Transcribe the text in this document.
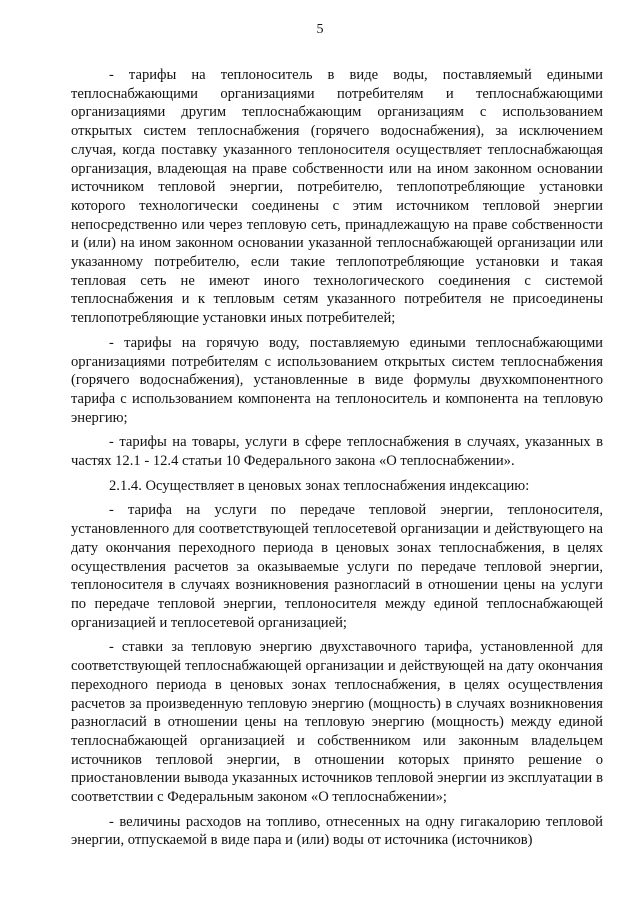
5

- тарифы на теплоноситель в виде воды, поставляемый едиными теплоснабжающими организациями потребителям и теплоснабжающими организациями другим теплоснабжающим организациям с использованием открытых систем теплоснабжения (горячего водоснабжения), за исключением случая, когда поставку указанного теплоносителя осуществляет теплоснабжающая организация, владеющая на праве собственности или на ином законном основании источником тепловой энергии, потребителю, теплопотребляющие установки которого технологически соединены с этим источником тепловой энергии непосредственно или через тепловую сеть, принадлежащую на праве собственности и (или) на ином законном основании указанной теплоснабжающей организации или указанному потребителю, если такие теплопотребляющие установки и такая тепловая сеть не имеют иного технологического соединения с системой теплоснабжения и к тепловым сетям указанного потребителя не присоединены теплопотребляющие установки иных потребителей;

- тарифы на горячую воду, поставляемую едиными теплоснабжающими организациями потребителям с использованием открытых систем теплоснабжения (горячего водоснабжения), установленные в виде формулы двухкомпонентного тарифа с использованием компонента на теплоноситель и компонента на тепловую энергию;

- тарифы на товары, услуги в сфере теплоснабжения в случаях, указанных в частях 12.1 - 12.4 статьи 10 Федерального закона «О теплоснабжении».

2.1.4. Осуществляет в ценовых зонах теплоснабжения индексацию:

- тарифа на услуги по передаче тепловой энергии, теплоносителя, установленного для соответствующей теплосетевой организации и действующего на дату окончания переходного периода в ценовых зонах теплоснабжения, в целях осуществления расчетов за оказываемые услуги по передаче тепловой энергии, теплоносителя в случаях возникновения разногласий в отношении цены на услуги по передаче тепловой энергии, теплоносителя между единой теплоснабжающей организацией и теплосетевой организацией;

- ставки за тепловую энергию двухставочного тарифа, установленной для соответствующей теплоснабжающей организации и действующей на дату окончания переходного периода в ценовых зонах теплоснабжения, в целях осуществления расчетов за произведенную тепловую энергию (мощность) в случаях возникновения разногласий в отношении цены на тепловую энергию (мощность) между единой теплоснабжающей организацией и собственником или законным владельцем источников тепловой энергии, в отношении которых принято решение о приостановлении вывода указанных источников тепловой энергии из эксплуатации в соответствии с Федеральным законом «О теплоснабжении»;

- величины расходов на топливо, отнесенных на одну гигакалорию тепловой энергии, отпускаемой в виде пара и (или) воды от источника (источников)
